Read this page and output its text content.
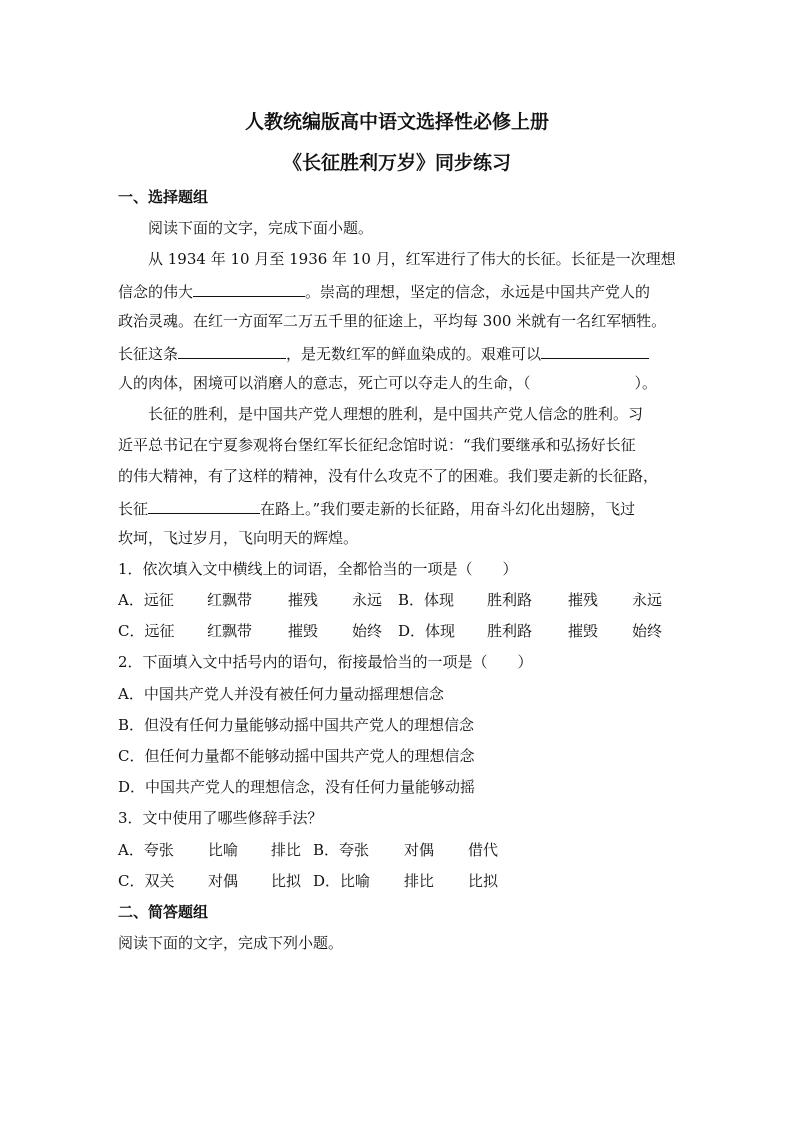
人教统编版高中语文选择性必修上册
《长征胜利万岁》同步练习
一、选择题组
阅读下面的文字，完成下面小题。
从 1934 年 10 月至 1936 年 10 月，红军进行了伟大的长征。长征是一次理想
信念的伟大	。崇高的理想，坚定的信念，永远是中国共产党人的
政治灵魂。在红一方面军二万五千里的征途上，平均每 300 米就有一名红军牺牲。
长征这条	，是无数红军的鲜血染成的。艰难可以
人的肉体，困境可以消磨人的意志，死亡可以夺走人的生命，（	）。
长征的胜利，是中国共产党人理想的胜利，是中国共产党人信念的胜利。习
近平总书记在宁夏参观将台堡红军长征纪念馆时说：“我们要继承和弘扬好长征
的伟大精神，有了这样的精神，没有什么攻克不了的困难。我们要走新的长征路，
长征	在路上。”我们要走新的长征路，用奋斗幻化出翅膀，飞过
坎坷，飞过岁月，飞向明天的辉煌。
1．依次填入文中横线上的词语，全都恰当的一项是（　　）
A．远征 红飘带 摧残 永远 B．体现 胜利路 摧残 永远
C．远征 红飘带 摧毁 始终 D．体现 胜利路 摧毁 始终
2．下面填入文中括号内的语句，衔接最恰当的一项是（　　）
A．中国共产党人并没有被任何力量动摇理想信念
B．但没有任何力量能够动摇中国共产党人的理想信念
C．但任何力量都不能够动摇中国共产党人的理想信念
D．中国共产党人的理想信念，没有任何力量能够动摇
3．文中使用了哪些修辞手法？
A．夸张 比喻 排比 B．夸张 对偶 借代
C．双关 对偶 比拟 D．比喻 排比 比拟
二、简答题组
阅读下面的文字，完成下列小题。
